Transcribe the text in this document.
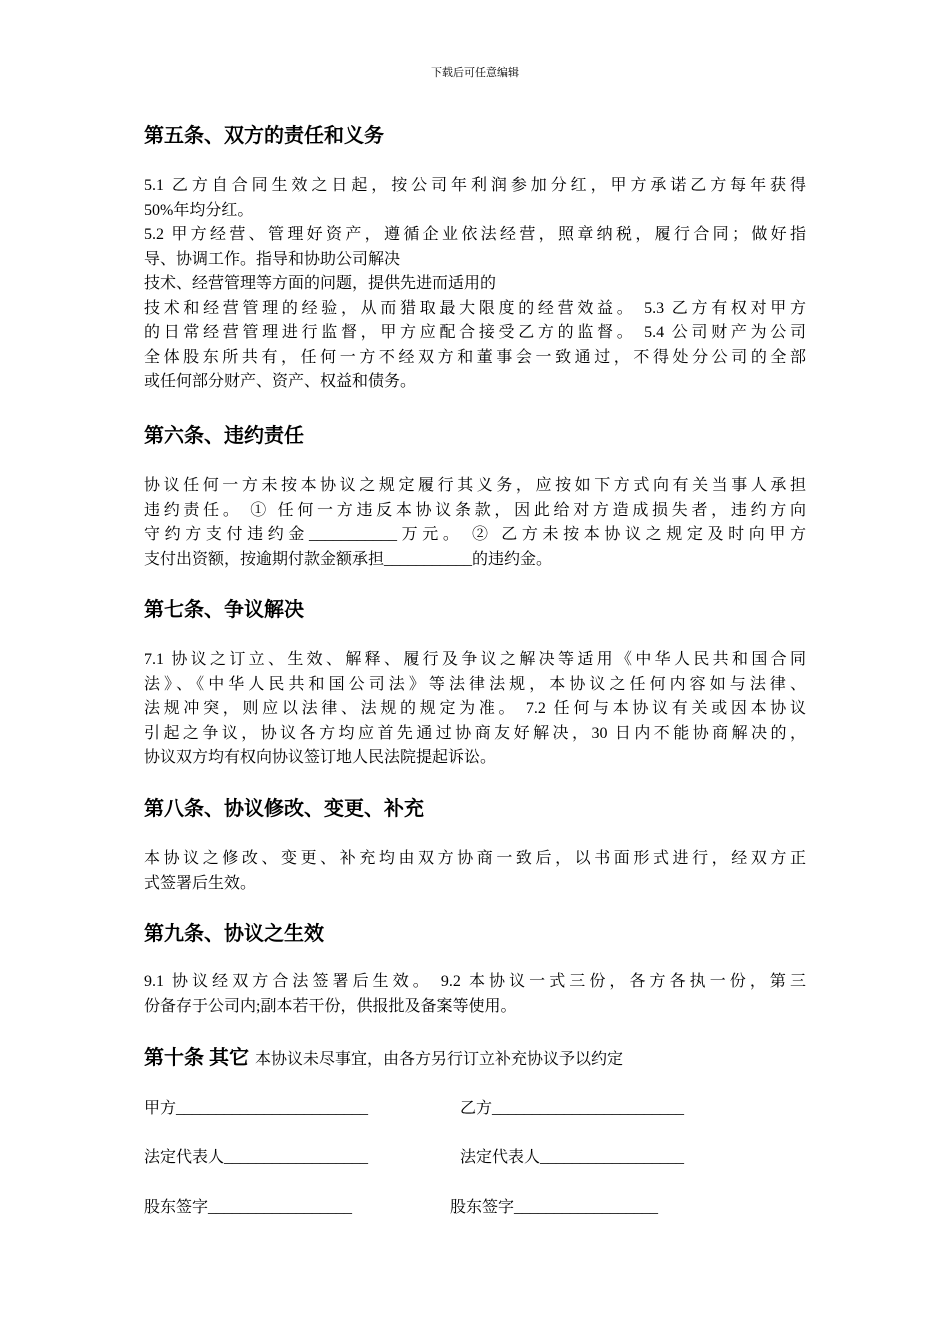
下载后可任意编辑
第五条、双方的责任和义务
5.1 乙方自合同生效之日起，按公司年利润参加分红，甲方承诺乙方每年获得
50%年均分红。
5.2 甲方经营、管理好资产，遵循企业依法经营，照章纳税，履行合同；做好指
导、协调工作。指导和协助公司解决
技术、经营管理等方面的问题，提供先进而适用的
技术和经营管理的经验，从而猎取最大限度的经营效益。 5.3 乙方有权对甲方
的日常经营管理进行监督，甲方应配合接受乙方的监督。 5.4 公司财产为公司
全体股东所共有，任何一方不经双方和董事会一致通过，不得处分公司的全部
或任何部分财产、资产、权益和债务。
第六条、违约责任
协议任何一方未按本协议之规定履行其义务，应按如下方式向有关当事人承担
违约责任。 ① 任何一方违反本协议条款，因此给对方造成损失者，违约方向
守约方支付违约金___________万元。 ② 乙方未按本协议之规定及时向甲方
支付出资额，按逾期付款金额承担___________的违约金。
第七条、争议解决
7.1 协议之订立、生效、解释、履行及争议之解决等适用《中华人民共和国合同
法》、《中华人民共和国公司法》等法律法规，本协议之任何内容如与法律、
法规冲突，则应以法律、法规的规定为准。 7.2 任何与本协议有关或因本协议
引起之争议，协议各方均应首先通过协商友好解决，30 日内不能协商解决的，
协议双方均有权向协议签订地人民法院提起诉讼。
第八条、协议修改、变更、补充
本协议之修改、变更、补充均由双方协商一致后，以书面形式进行，经双方正
式签署后生效。
第九条、协议之生效
9.1 协议经双方合法签署后生效。 9.2 本协议一式三份，各方各执一份，第三
份备存于公司内;副本若干份，供报批及备案等使用。
第十条 其它 本协议未尽事宜，由各方另行订立补充协议予以约定
甲方________________________	乙方________________________
法定代表人__________________	法定代表人__________________
股东签字__________________	股东签字__________________
